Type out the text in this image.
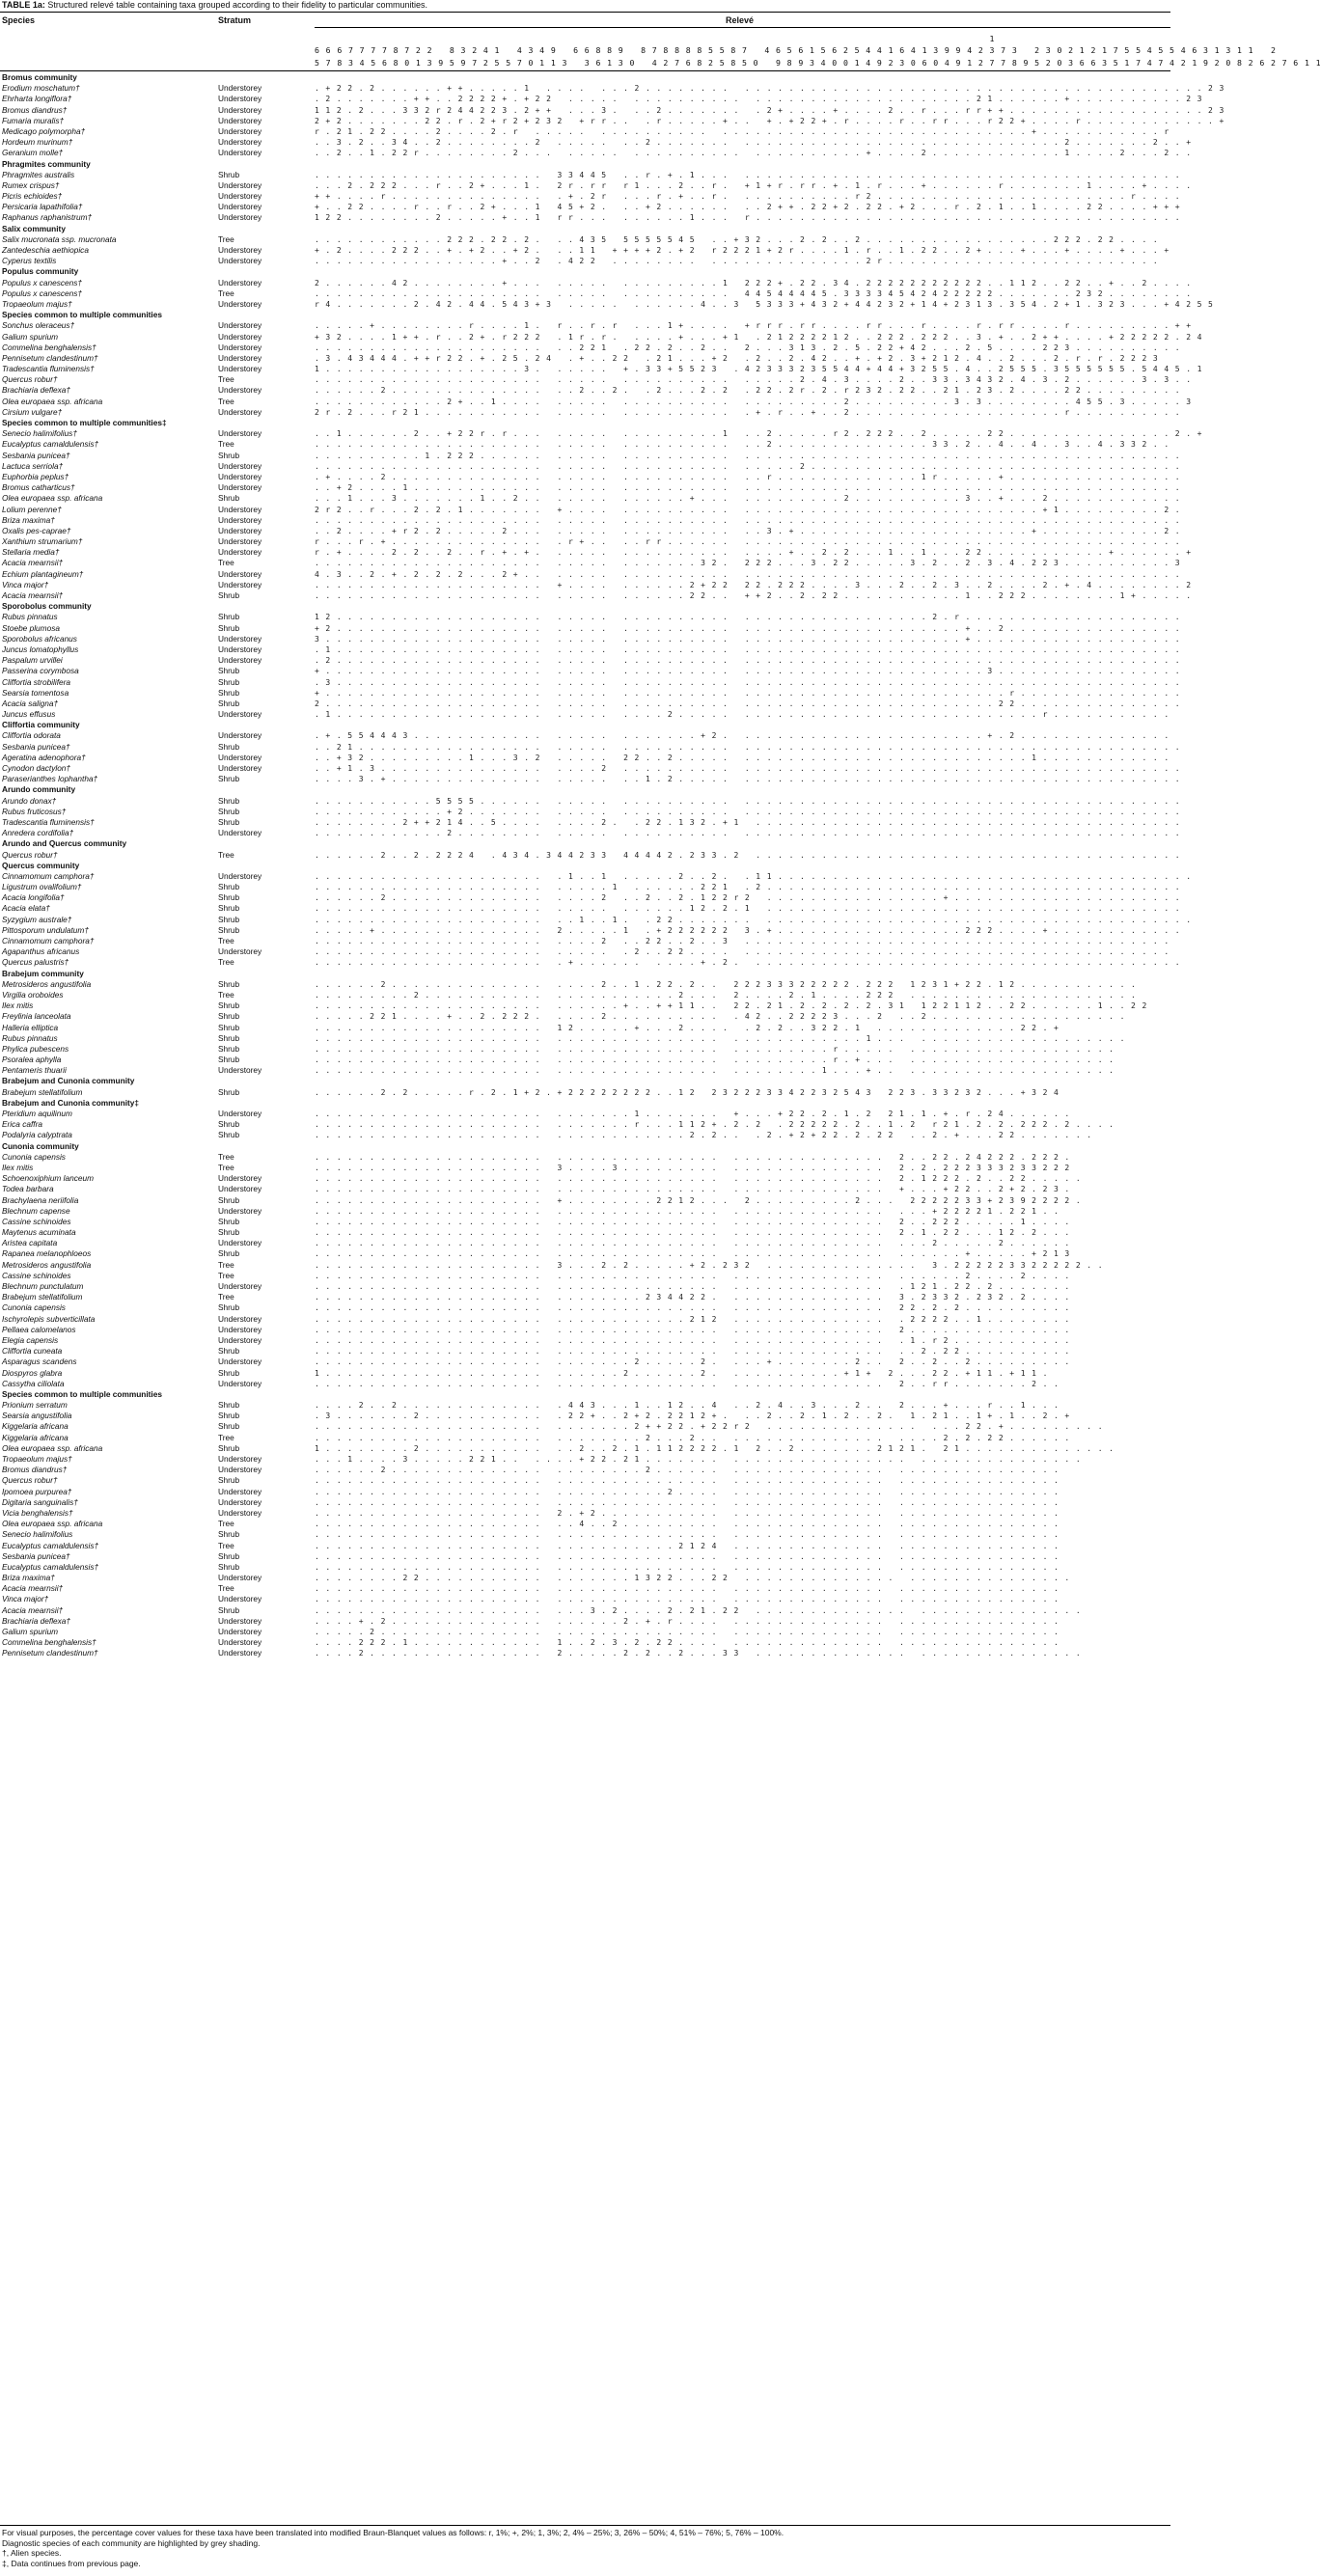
TABLE 1a: Structured relevé table containing taxa grouped according to their fidelity to particular communities.
Species	Stratum	Relevé
1
6 6 6 7 7 7 7 8 7 2 2   8 3 2 4 1   4 3 4 9   6 6 8 8 9   8 7 8 8 8 8 5 5 8 7   4 6 5 6 1 5 6 2 5 4 4 1 6 4 1 3 9 9 4 2 3 7 3   2 3 0 2 1 2 1 7 5 5 4 5 5 4 6 3 1 3 1 1   2
5 7 8 3 4 5 6 8 0 1 3 9 5 9 7 2 5 5 7 0 1 1 3   3 6 1 3 0   4 2 7 6 8 2 5 8 5 0   9 8 9 3 4 0 0 1 4 9 2 3 0 6 0 4 9 1 2 7 7 8 9 5 2 0 3 6 6 3 5 1 7 4 7 4 2 1 9 2 0 8 2 6 2 7 6 1 1
Bromus community
Erodium moschatum†	Understorey	. + 2 2 . 2 . . . . . . + + . . . . . 1   . . . .   . . . 2 . . . . . . . .   . . . . . . . . . . . . . . . . . . . . . . . . . . . . . . . . . . . . . . . . . . 2 3
Ehrharta longiflora†	Understorey	. 2 . . . . . . . + + . . 2 2 2 2 + . + 2 2   . . . . .   . . . . . . . . . .   . . . . . . . . . . . . . . . . . . . . 2 1 . . . . . . + . . . . . . . . . . 2 3
Bromus diandrus†	Understorey	1 1 2 . 2 . . . 3 3 2 r 2 4 4 2 2 3 . 2 + +   . . . 3 .   . . 2 . . . . . . .   . 2 + . . . . + . . . . 2 . . r . . . r r + + . . . . . . . . . . . . . . . . . . 2 3
Fumaria muralis†	Understorey	2 + 2 . . . . . . . 2 2 . r . 2 + r 2 + 2 3 2   + r r . .   . r . . . . . + . .   + . + 2 2 + . r . . . . r . . r r . . . r 2 2 + . . . . r . . . . . . . . . . . . +
Medicago polymorpha†	Understorey	r . 2 1 . 2 2 . . . . 2 . . . . 2 . r   . . . . .   . . . . . . . . . .   . . . . . . . . . . . . . . . . . . . . . . . . . . . . + . . . . . . . . . . . r
Hordeum murinum†	Understorey	. . 3 . 2 . . 3 4 . . 2 . . . . . . . . 2   . . . . .   . . 2 . . . . . . .   . . . . . . . . . . . . . . . . . . . . . . . . . . . . . 2 . . . . . . . 2 . . +
Geranium molle†	Understorey	. . 2 . . 1 . 2 2 r . . . . . . . . 2 . . .   . . . . .   . . . . . . . . . .   . . . . . . . . . . + . . . . 2 . . . . . . . . . . . . 1 . . . . 2 . . . 2 . .
Phragmites community
Phragmites australis	Shrub	. . . . . . . . . . . . . . . . . . . . .   3 3 4 4 5   . . r . + . 1 . . .   . . . . . . . . . . . . . . . . . . . . . . . . . . . . . . . . . . . . . . . .
Rumex crispus†	Understorey	. . . 2 . 2 2 2 . . . r . . 2 + . . . 1 .   2 r . r r   r 1 . . . 2 . . r .   + 1 + r . r r . + . 1 . r . . . + . . . . . . r . . . . . . . 1 . . . . + . . . .
Picris echioides†	Understorey	+ + . . . . r . . . . . . . . . . . . . .   . + . 2 r   . . . r . + . . r .   . . . . . . . . . . r 2 . . . . . . . . . . . . . . . . . . . . . . . r . . . .
Persicaria lapathifolia†	Understorey	+ . . 2 2 . . . . r . . r . . 2 + . . . 1   4 5 + 2 .   . . + 2 . . . . . .   . . 2 + + . 2 2 + 2 . 2 2 . + 2 . . . r . 2 . 1 . . 1 . . . . 2 2 . . . . + + +
Raphanus raphanistrum†	Understorey	1 2 2 . . . . . . . . 2 . . . . . + . . 1   r r . . .   . . . . . . 1 . . .   r . . . . . . . . . . . . . . . . . . . . . . . . . . . . . . . . . . . . . . .
Salix community
Salix mucronata ssp. mucronata	Tree	. . . . . . . . . . . . 2 2 2 . 2 2 . 2 .   . . 4 3 5   5 5 5 5 5 4 5   . . + 3 2 . . . 2 . 2 . . 2 . . . . . . . . . . . . . . . . . 2 2 2 . 2 2 . . . .
Zantedeschia aethiopica	Understorey	+ . 2 . . . . 2 2 2 . . + . + 2 . . + 2 .   . . 1 1   + + + + 2 . + 2   r 2 2 2 1 + 2 r . . . . 1 . r . . 1 . 2 2 . . 2 + . . . + . . . + . . . . + . . . +
Cyperus textilis	Understorey	. . . . . . . . . . . . . . . . . + . . 2   . 4 2 2   . . . . . . . .   . . . . . . . . . . . . . . 2 r . . . . . . . . . . . . . . . . . . . . . . . . .
Populus community
Populus x canescens†	Understorey	2 . . . . . . 4 2 . . . . . . . . + . . .   . . . . .   . . . . . . . . . 1   2 2 2 + . 2 2 . 3 4 . 2 2 2 2 2 2 2 2 2 2 2 . . 1 1 2 . . 2 2 . . + . . 2 . . . .
Populus x canescens†	Tree	. . . . . . . . . . . . . . . . . . . . .   . . . . .   . . . . . . . . . .   4 4 5 4 4 4 4 5 . 3 3 3 3 4 5 4 2 4 2 2 2 2 2 . . . . . . . 2 3 2 . . . . . . . .
Tropaeolum majus†	Understorey	r 4 . . . . . . . 2 . 4 2 . 4 4 . 5 4 3 + 3   . . . . .   . . . . . . 4 . . 3   5 3 3 3 + 4 3 2 + 4 4 2 3 2 + 1 4 + 2 3 1 3 . 3 5 4 . 2 + 1 . 3 2 3 . . . + 4 2 5 5
Species common to multiple communities
Sonchus oleraceus†	Understorey	. . . . . + . . . . . . . . r . . . . 1 .   r . . r . r   . . . 1 + . . . .   + r r r . r r . . . . r r . . . r . . . . r . r r . . . . r . . . . . . . . . + +
Galium spurium	Understorey	+ 3 2 . . . . 1 + + . r . . 2 + . r 2 2 2   . 1 r . r .   . . . . + . . . + 1   . 2 1 2 2 2 2 1 2 . . 2 2 2 . 2 2 2 . . 3 . + . . 2 + + . . . . + 2 2 2 2 2 . 2 4
Commelina benghalensis†	Understorey	. . . . . . . . . . . . . . . . . . . . .   . . 2 2 1   . 2 2 . 2 . . 2 . .   2 . . . 3 1 3 . 2 . 5 . 2 2 + 4 2 . . . 2 . 5 . . . . 2 2 3 . . . . . . . . . .
Pennisetum clandestinum†	Understorey	. 3 . 4 3 4 4 4 . + + r 2 2 . + . 2 5 . 2 4   . + . . 2 2   . 2 1 . . . + 2   . 2 . . 2 . 4 2 . . + . + 2 . 3 + 2 1 2 . 4 . . 2 . . . 2 . r . r . 2 2 2 3
Tradescantia fluminensis†	Understorey	1 . . . . . . . . . . . . . . . . . . 3 .   . . . . .   + . 3 3 + 5 5 2 3   . 4 2 3 3 3 2 3 5 5 4 4 + 4 4 + 3 2 5 5 . 4 . . 2 5 5 5 . 3 5 5 5 5 5 5 . 5 4 4 5 . 1
Quercus robur†	Tree	. . . . . . . . . . . . . . . . . . . . .   . . . . .   . . . . . . . . . .   . . . . . 2 . 4 . 3 . . . . 2 . . 3 3 . 3 4 3 2 . 4 . 3 . 2 . . . . . . 3 . 3 . .
Brachiaria deflexa†	Understorey	. . . . . . 2 . . . . . . . . . . . . . .   . . 2 . . 2 .   . 2 . . . 2 . 2   . 2 2 . 2 r . 2 . r 2 3 2 . 2 2 . . 2 1 . 2 3 . 2 . . . . 2 2 . . . . . . . . .
Olea europaea ssp. africana	Tree	. . . . . . . . . . . . 2 + . . 1 . . . .   . . . . .   . . . . . . . . . .   . . . . . . . . . 2 . . . . . . . . . 3 . 3 . . . . . . . . 4 5 5 . 3 . . . . . 3
Cirsium vulgare†	Understorey	2 r . 2 . . . r 2 1 . . . . . . . . . . .   . . . . .   . . . . . . . . . .   . + . r . . + . . 2 . . . . . . . . . . . . . . . . . . . r . . . . . . . . . .
Species common to multiple communities‡
Senecio halimifolius†	Understorey	. . 1 . . . . . . 2 . . + 2 2 r . r . . .   . . . . .   . . . . . . . . . 1   . . 2 . . . . . r 2 . 2 2 2 . . 2 . . . . . 2 2 . . . . . . . . . . . . . . . 2 . +
Eucalyptus camaldulensis†	Tree	. . . . . . . . . . . . . . . . . . . . .   . . . . .   . . . . . . . . . .   . . 2 . . . . . . . . . . . . . . 3 3 . 2 . . 4 . . 4 . . 3 . . 4 . 3 3 2 . .
Sesbania punicea†	Shrub	. . . . . . . . . . 1 . 2 2 2 . . . . . .   . . . . .   . . . . . . . . . .   . . . . . . . . . . . . . . . . . . . . . . . . . . . . . . . . . . . . . . . .
Lactuca serriola†	Understorey	. . . . . . . . . . . . . . . . . . . . .   . . . . .   . . . . . . . . . .   . . . . . 2 . . . . . . . . . . . . . . . . . . . . . . . . . . . . . . . . . .
Euphorbia peplus†	Understorey	. + . . . . 2 . . . . . . . . . . . . . .   . . . . .   . . . . . . . . . .   . . r . . . . . . . . . . . . . 1 r . . . . . + . . . . . . . . . . . . . . . .
Bromus catharticus†	Understorey	. . + 2 . . . . 1 . . . . . . . . . . . .   . . . . .   . . . . . . . . . .   . . . . . . . . . . . . . . . . . . . . . . . . . . . . . . . . . . . . . . . .
Olea europaea ssp. africana	Shrub	. . . 1 . . . 3 . . . . . . . 1 . . 2 . .   . . . . .   . . . . . . + . . .   . . . . . . . . . 2 . . . . . . . . . . 3 . . + . . . 2 . . . . . . . . . . . .
Lolium perenne†	Understorey	2 r 2 . . r . . . 2 . 2 . 1 . . . . . . .   + . . . .   . . . . . . . . . .   . . . . . . . . . . . . . . . . . . . . . . . . . . . + 1 . . . . . . . . . 2 .
Briza maxima†	Understorey	. . . . . . . . . . . . . . . . . . . . .   . . . . .   . . . . . . . . . .   . . . . . . . . . . . . . . . . . . . . . . . . . . . . . . . . . . . . . . . .
Oxalis pes-caprae†	Understorey	. . 2 . . . . + r 2 . 2 . . . . . 2 . . .   . . . . .   . . . . . . . . . .   . . 3 . + . . . . . . . . . . . . . . . . . . . . . + . . . . . . . . . . . 2 .
Xanthium strumarium†	Understorey	r . . . r . + . . . . . . . . . . . . . .   . r + . .   . . r r . . . . . .   . . . . . . . . . . . . . . . . . . . . . . . . . . . . . . . . . . . . . . . .
Stellaria media†	Understorey	r . + . . . . 2 . 2 . . 2 . . r . + . + .   . . . . .   . . . . . . . . . .   . . . . + . . 2 . 2 . . . 1 . . 1 . . . 2 2 . . . . . . . . . . . + . . . . . . +
Acacia mearnsii†	Tree	. . . . . . . . . . . . . . . . . . . . .   . . . . .   . . . . . . . 3 2 .   2 2 2 . . . 3 . 2 2 . . . . . 3 . 2 . . 2 . 3 . 4 . 2 2 3 . . . . . . . . . . 3
Echium plantagineum†	Understorey	4 . 3 . . 2 . + . 2 . 2 . 2 . . . 2 + . .   . . . . .   . . . . . . . . . .   . . . . . . . . . . . . . . . . . . . . . . . . . . . . . . . . . . . . . . . .
Vinca major†	Understorey	. . . . . . . . . . . . . . . . . . . . .   + . . . .   . . . . . . 2 + 2 2   2 2 . 2 2 2 . . . . 3 . . . 2 . . 2 . 3 . . 2 . . . . 2 . + . 4 . . . . . . . . 2
Acacia mearnsii†	Shrub	. . . . . . . . . . . . . . . . . . . . .   . . . . .   . . . . . . 2 2 . .   + + 2 . . 2 . 2 2 . . . . . . . . . . . 1 . . 2 2 2 . . . . . . . . 1 + . . . . .
Sporobolus community
Rubus pinnatus	Shrub	1 2 . . . . . . . . . . . . . . . . . . .   . . . . .   . . . . . . . . . .   . . . . . . . . . . . . . . . . . 2 . r . . . . . . . . . . . . . . . . . . . .
Stoebe plumosa	Shrub	+ 2 . . . . . . . . . . . . . . . . . . .   . . . . .   . . . . . . . . . .   . . . . . . . . . . . . . . . . . . . . + . . 2 . . . . . . . . . . . . . . . .
Sporobolus africanus	Understorey	3 . . . . . . . . . . . . . . . . . . . .   . . . . .   . . . . . . . . . .   . . . . . . . . . . . . . . . . . . . . + . . . . . . . . . . . . . . . . . . .
Juncus lomatophyllus	Understorey	. 1 . . . . . . . . . . . . . . . . . . .   . . . . .   . . . . . . . . . .   . . . . . . . . . . . . . . . . . . . . . . . . . . . . . . . . . . . . . . . .
Paspalum urvillei	Understorey	. 2 . . . . . . . . . . . . . . . . . . .   . . . . .   . . . . . . . . . .   . . . . . . . . . . . . . . . . . . . . . . . . . . . . . . . . . . . . . . . .
Passerina corymbosa	Shrub	+ . . . . . . . . . . . . . . . . . . . .   . . . . .   . . . . . . . . . .   . . . . . . . . . . . . . . . . . . . . . . 3 . . . . . . . . . . . . . . . . .
Cliffortia strobilifera	Shrub	. 3 . . . . . . . . . . . . . . . . . . .   . . . . .   . . . . . . . . . .   . . . . . . . . . . . . . . . . . . . . . . . . . . . . . . . . . . . . . . . .
Searsia tomentosa	Shrub	+ . . . . . . . . . . . . . . . . . . . .   . . . . .   . . . . . . . . . .   . . . . . . . . . . . . . . . . . . . . . . . . r . . . . . . . . . . . . . . .
Acacia saligna†	Shrub	2 . . . . . . . . . . . . . . . . . . . .   . . . . .   . . . . . . . . . .   . . . . . . . . . . . . . . . . . . . . . . . 2 2 . . . . . . . . . . . . . . .
Juncus effusus	Understorey	. 1 . . . . . . . . . . . . . . . . . . .   . . . . .   . . . . 2 . . . . .   . . . . . . . . . . . . . . . . . . . . . . . . . . . r . . . . . . . . . . .
Cliffortia community
Cliffortia odorata	Understorey	. + . 5 5 4 4 4 3 . . . . . . . . . . . .   . . . . .   . . . . . . . + 2 .   . . . . . . . . . . . . . . . . . . . . . . + . 2 . . . . . . . . . . . . . .
Sesbania punicea†	Shrub	. . 2 1 . . . . . . . . . . . . . . . . .   . . . . .   . . . . . . . . . .   . . . . . . . . . . . . . . . . . . . . . . . . . . . . . . . . . . . . . . . .
Ageratina adenophora†	Understorey	. . + 3 2 . . . . . . . . . 1 . . . 3 . 2   . . . . .   2 2 . . 2 . . . . .   . . . . . . . . . . . . . . . . . . . . . . . . . . 1 . . . . . . . . . . . .
Cynodon dactylon†	Understorey	. . + 1 . 3 . . . . . . . . . . . . . . .   . . . . 2   . . . . . . . . . .   . . . . . . . . . . . . . . . . . . . . . . . . . . . . . . . . . . . . . . . .
Paraserianthes lophantha†	Shrub	. . . . 3 . + . . . . . . . . . . . . . .   . . . . .   . . 1 . 2 . . . . .   . . . . . . . . . . . . . . . . . . . . . . . . . . . . . . . . . . . . . . . .
Arundo community
Arundo donax†	Shrub	. . . . . . . . . . . 5 5 5 5 . . . . . .   . . . . .   . . . . . . . . . .   . . . . . . . . . . . . . . . . . . . . . . . . . . . . . . . . . . . . . . . .
Rubus fruticosus†	Shrub	. . . . . . . . . . . . + 2 . . . . . . .   . . . . .   . . . . . . . . . .   . . . . . . . . . . . . . . . . . . . . . . . . . . . . . . . . . . . . . . . .
Tradescantia fluminensis†	Shrub	. . . . . . . . 2 + + 2 1 4 . . 5 . . . .   . . . . 2 .   . 2 2 . 1 3 2 . + 1   . . . . . . . . . . . . . . . . . . . . . . . . . . . . . . . . . . . . . . .
Anredera cordifolia†	Understorey	. . . . . . . . . . . . 2 . . . . . . . .   . . . . .   . . . . . . . . . .   . . . . . . . . . . . . . . . . . . . . . . . . . . . . . . . . . . . . . . . .
Arundo and Quercus community
Quercus robur†	Tree	. . . . . . 2 . . 2 . 2 2 2 4   . 4 3 4 . 3 4 4 2 3 3   4 4 4 4 2 . 2 3 3 . 2   . . . . . . . . . . . . . . . . . . . . . . . . . . . . . . . . . . . . . . .
Quercus community
Cinnamomum camphora†	Understorey	. . . . . . . . . . . . . . . . . . . . .   . 1 . . 1   . . . . . 2 . . 2 .   . 1 1 . . . . . . . . . . . . . . . . . . . . . . . . . . . . . . . . . . . . . .
Ligustrum ovalifolium†	Shrub	. . . . . . . . . . . . . . . . . . . . .   . . . . . 1   . . . . . . 2 2 1   . 2 . . . . . . . . . . . . . . . . . . . . . . . . . . . . . . . . . . . . . .
Acacia longifolia†	Shrub	. . . . . . 2 . . . . . . . . . . . . . .   . . . . 2   . . 2 . . 2 . 1 2 2 r 2   . . . . . . . . . . . . . . . . + . . . . . . . . . . . . . . . . . . . . .
Acacia elata†	Shrub	. . . . . . . . . . . . . . . . . . . . .   . . . . .   . . . . . . 1 2 . 2 . 1   . . . . . . . . . . . . . . . . . . . . . . . . . . . . . . . . . . . . . .
Syzygium australe†	Shrub	. . . . . . . . . . . . . . . . . . . . .   . . 1 . . 1 .   . 2 2 . . . . . . .   . . . . . . . . . . . . . . . . . . . . . . . . . . . . . . . . . . . . . . .
Pittosporum undulatum†	Shrub	. . . . . + . . . . . . . . . . . . . . .   2 . . . . . 1   . + 2 2 2 2 2 2   3 . + . . . . . . . . . . . . . . . . . 2 2 2 . . . . + . . . . . . . . . . . .
Cinnamomum camphora†	Tree	. . . . . . . . . . . . . . . . . . . . .   . . . . 2   . . 2 2 . . 2 . . 3   . . . . . . . . . . . . . . . . . . . . . . . . . . . . . . . . . . . . . . .
Agapanthus africanus	Understorey	. . . . . . . . . . . . . . . . . . . . .   . . . . .   . 2 . . 2 2 . . . .   . . . . . . . . . . . . . . . . . . . . . . . . . . . . . . . . . . . . . . .
Quercus palustris†	Tree	. . . . . . . . . . . . . . . . . . . . .   . + . . . . . .   . . . . + . 2 .   . . . . . . . . . . . . . . . . . . . . . . . . . . . . . . . . . . . . . . .
Brabejum community
Metrosideros angustifolia	Shrub	. . . . . . 2 . . . . . . . . . . . . . .   . . . . 2 . . 1 . 2 2 . 2 . .   2 2 2 3 3 3 2 2 2 2 2 . 2 2 2   1 2 3 1 + 2 2 . 1 2 . . . . . . . . . . .
Virgilia oroboides	Tree	. . . . . . . . . 2 . . . . . . . . . . .   . . . . . . . . . . . 2 . . .   2 . . . . 2 . 1 . . . . 2 2 2   . . . . . . . . . . . . . . . . . . . . .
Ilex mitis	Shrub	. . . . . . . . . . . . . . . . . . . . .   . . . . . . + . . + + 1 1 . .   2 2 . 2 1 . 2 . 2 . 2 . 2 . 3 1   1 2 2 1 1 2 . . 2 2 . . . . . . 1 . . 2 2
Freylinia lanceolata	Shrub	. . . . . 2 2 1 . . . . + . . 2 . 2 2 2 .   . . . . 2 . . . . . . . . . .   . 4 2 . . 2 2 2 2 3 . . . 2   . . 2 . . . . . . . . . . . . . . . . . .
Halleria elliptica	Shrub	. . . . . . . . . . . . . . . . . . . . .   1 2 . . . . . + . . . 2 . . . .   . 2 . 2 . . 3 2 2 . 1   . . . . . . . . . . . . . 2 2 . +
Rubus pinnatus	Shrub	. . . . . . . . . . . . . . . . . . . . .   . . . . . . . . . . . . . . .   . . . . . . . . . . . . 1 . . .   . . . . . . . . . . . . . . . . . . .
Phylica pubescens	Shrub	. . . . . . . . . . . . . . . . . . . . .   . . . . . . . . . . . . . . .   . . . . . . . . . r . . . . .   . . . . . . . . . . . . . . . . . . .
Psoralea aphylla	Shrub	. . . . . . . . . . . . . . . . . . . . .   . . . . . . . . . . . . . . .   . . . . . . . . . r . + . . .   . . . . . . . . . . . . . . . . . . .
Pentameris thuarii	Understorey	. . . . . . . . . . . . . . . . . . . . .   . . . . . . . . . . . . . . .   . . . . . . . . 1 . . . + . .   . . . . . . . . . . . . . . . . . . .
Brabejum and Cunonia community
Brabejum stellatifolium	Shrub	. . . . . . 2 . 2 . . . . . r . 2 . 1 + 2 . + 2 2 2 2 2 2 2 2 . . 1 2   2 3 2 2 2 3 3 4 2 2 3 2 5 4 3   2 2 3 . 3 3 2 3 2 . . . + 3 2 4
Brabejum and Cunonia community‡
Pteridium aquilinum	Understorey	. . . . . . . . . . . . . . . . . . . . .   . . . . . . . 1 . . . . . . .   + . . . + 2 2 . 2 . 1 . 2   2 1 . 1 . + . r . 2 4 . . . . . .
Erica caffra	Shrub	. . . . . . . . . . . . . . . . . . . . .   . . . . . . . r . . . 1 1 2 + . 2 . 2   . 2 2 2 2 2 . 2 . . 1 . 2   r 2 1 . 2 . 2 . 2 2 2 . 2 . . . .
Podalyria calyptrata	Shrub	. . . . . . . . . . . . . . . . . . . . .   . . . . . . . . . . . . 2 . 2 . .   . 2 . + 2 + 2 2 . 2 . 2 2   . . 2 . + . . . 2 2 . . . . . . .
Cunonia community
Cunonia capensis	Tree	. . . . . . . . . . . . . . . . . . . . .   . . . . . . . . . . . . . . .   . . . . . . . . . . . . . .   2 . . 2 2 . 2 4 2 2 2 . 2 2 2 .
Ilex mitis	Tree	. . . . . . . . . . . . . . . . . . . . .   3 . . . . 3 . . . . . . . . .   . . . . . . . . . . . . . .   2 . 2 . 2 2 2 3 3 3 2 3 3 2 2 2
Schoenoxiphium lanceum	Understorey	. . . . . . . . . . . . . . . . . . . . .   . . . . . . . . . . . . . . .   . . . . . . . . . . . . . .   2 . 1 2 2 2 . 2 . . 2 2 . . . . .
Todea barbara	Understorey	. . . . . . . . . . . . . . . . . . . . .   . . . . . . . . . . . . . . .   . . . . . . . . . . . . . .   + . . . + 2 2 . . 2 + 2 . 2 3 .
Brachylaena neriifolia	Shrub	. . . . . . . . . . . . . . . . . . . . .   + . . . . . . . . 2 2 1 2 . . .   2 . . . . . . . . . 2 . . .   2 2 2 2 2 3 3 + 2 3 9 2 2 2 2 .
Blechnum capense	Understorey	. . . . . . . . . . . . . . . . . . . . .   . . . . . . . . . . . . . . .   . . . . . . . . . . . . . .   . . . + 2 2 2 2 1 . 2 2 1 . .
Cassine schinoides	Shrub	. . . . . . . . . . . . . . . . . . . . .   . . . . . . . . . . . . . . .   . . . . . . . . . . . . . .   2 . . 2 2 2 . . . . . 1 . . . .
Maytenus acuminata	Shrub	. . . . . . . . . . . . . . . . . . . . .   . . . . . . . . . . . . . . .   . . . . . . . . . . . . . .   2 . 1 . 2 2 . . . 1 2 . 2 . . .
Aristea capitata	Understorey	. . . . . . . . . . . . . . . . . . . . .   . . . . . . . . . . . . . . .   . . . . . . . . . . . . . .   . . . 2 . . . . . 2 . . . . . .
Rapanea melanophloeos	Shrub	. . . . . . . . . . . . . . . . . . . . .   . . . . . . . . . . . . . . .   . . . . . . . . . . . . . .   . . . . . . + . . . . . + 2 1 3
Metrosideros angustifolia	Tree	. . . . . . . . . . . . . . . . . . . . .   3 . . . 2 . 2 . . . . . + 2 . 2 3 2   . . . . . . . . . . . . . .   3 . 2 2 2 2 2 3 3 2 2 2 2 2 . .
Cassine schinoides	Tree	. . . . . . . . . . . . . . . . . . . . .   . . . . . . . . . . . . . . .   . . . . . . . . . . . . . .   . . . . . . 2 . . . . 2 . . . .
Blechnum punctulatum	Understorey	. . . . . . . . . . . . . . . . . . . . .   . . . . . . . . . . . . . . .   . . . . . . . . . . . . . .   . 1 2 1 . 2 2 . 2 . . . . . . .
Brabejum stellatifolium	Tree	. . . . . . . . . . . . . . . . . . . . .   . . . . . . . . 2 3 4 4 2 2 .   . . . . . . . . . . . . . .   3 . 2 3 3 2 . 2 3 2 . 2 . . . .
Cunonia capensis	Shrub	. . . . . . . . . . . . . . . . . . . . .   . . . . . . . . . . . . . . .   . . . . . . . . . . . . . .   2 2 . 2 . 2 . . . . . . . . . .
Ischyrolepis subverticillata	Understorey	. . . . . . . . . . . . . . . . . . . . .   . . . . . . . . . . . . 2 1 2   . . . . . . . . . . . . . .   . 2 2 2 2 . . 1 . . . . . . . .
Pellaea calomelanos	Understorey	. . . . . . . . . . . . . . . . . . . . .   . . . . . . . . . . . . . . .   . . . . . . . . . . . . . .   2 . . . . . . . . . . . . . . .
Elegia capensis	Understorey	. . . . . . . . . . . . . . . . . . . . .   . . . . . . . . . . . . . . .   . . . . . . . . . . . . . .   . 1 . r 2 . . . . . . . . . . .
Cliffortia cuneata	Shrub	. . . . . . . . . . . . . . . . . . . . .   . . . . . . . . . . . . . . .   . . . . . . . . . . . . . .   . . 2 . 2 2 . . . . . . . . . .
Asparagus scandens	Understorey	. . . . . . . . . . . . . . . . . . . . .   . . . . . . . 2 . . . . . 2 .   . . . + . . . . . . . 2 . .   2 . . 2 . . 2 . . . . . . . . .
Diospyros glabra	Shrub	1 . . . . . . . . . . . . . . . . . . . .   . . . . . . 2 . . . . . . 2 .   . . . . . . . . . . + 1 +   2 . . . 2 2 . + 1 1 . + 1 1 .
Cassytha ciliolata	Understorey	. . . . . . . . . . . . . . . . . . . . .   . . . . . . . . . . . . . . .   . . . . . . . . . . . . . .   2 . . r r . . . . . . . 2 . .
Species common to multiple communities
Prionium serratum	Shrub	. . . . 2 . . 2 . . . . . . . . . . . . .   . 4 4 3 . . . 1 . . 1 2 . . 4   . . 2 . 4 . . 3 . . . 2 . .   2 . . . + . . . r . . 1 . . .
Searsia angustifolia	Shrub	. 3 . . . . . . . 2 . . . . . . . . . . .   . 2 2 + . . 2 + 2 . 2 2 1 2 + .   . . 2 . . 2 . 1 . 2 . . 2 .   1 . 2 1 . . 1 + . 1 . . 2 . +
Kiggelaria africana	Shrub	. . . . . . . . . . . . . . . . . . . . .   . . . . . . . 2 + + 2 2 . + 2 2 r 2   . . . . . . . . . . . . . .   . . . 2 2 . + . . . . . . . . .
Kiggelaria africana	Tree	. . . . . . . . . . . . . . . . . . . . .   . . . . . . . . 2 . . . 2 . .   . . . . . . . . . . . . . .   . . . . 2 . 2 . 2 2 . . . . . .
Olea europaea ssp. africana	Shrub	1 . . . . . . . . 2 . . . . . . . . . . .   . . 2 . . 2 . 1 . 1 1 2 2 2 2 . 1   2 . . 2 . . . . . . . 2 1 2 1 .   2 1 . . . . . . . . . . . . . .
Tropaeolum majus†	Understorey	. . . 1 . . . . 3 . . . . . 2 2 1 . .   . . . . + 2 2 . 2 1 . . . . . . .   . . . . . . . . . . . . . . . .   . . . . . . . . . . . . . . .
Bromus diandrus†	Understorey	. . . . . . 2 . . . . . . . . . . . . . .   . . . . . . . . 2 . . . . . .   . . . . . . . . . . . . . .   . . . . . . . . . . . . . . .
Quercus robur†	Shrub	. . . . . . . . . . . . . . . . . . . . .   . . . . . . . . . . . . . . .   . . . . . . . . . . . . . .   . . . . . . . . . . . . . . .
Ipomoea purpurea†	Understorey	. . . . . . . . . . . . . . . . . . . . .   . . . . . . . . . . 2 . . . .   . . . . . . . . . . . . . .   . . . . . . . . . . . . . . .
Digitaria sanguinalis†	Understorey	. . . . . . . . . . . . . . . . . . . . .   . . . . . . . . . . . . . . .   . . . . . . . . . . . . . .   . . . . . . . . . . . . . . .
Vicia benghalensis†	Understorey	. . . . . . . . . . . . . . . . . . . . .   2 . + 2 . . . . . . . . . . .   . . . . . . . . . . . . . .   . . . . . . . . . . . . . . .
Olea europaea ssp. africana	Tree	. . . . . . . . . . . . . . . . . . . . .   . . 4 . . 2 . . . . . . . . .   . . . . . . . . . . . . . .   . . . . . . . . . . . . . . .
Senecio halimifolius	Shrub	. . . . . . . . . . . . . . . . . . . . .   . . . . . . . . . . . . . . .   . . . . . . . . . . . . . .   . . . . . . . . . . . . . . .
Eucalyptus camaldulensis†	Tree	. . . . . . . . . . . . . . . . . . . . .   . . . . . . . . . . . 2 1 2 4   . . . . . . . . . . . . . .   . . . . . . . . . . . . . . .
Sesbania punicea†	Shrub	. . . . . . . . . . . . . . . . . . . . .   . . . . . . . . . . . . . . .   . . . . . . . . . . . . . .   . . . . . . . . . . . . . . .
Eucalyptus camaldulensis†	Shrub	. . . . . . . . . . . . . . . . . . . . .   . . . . . . . . . . . . . . .   . . . . . . . . . . . . . .   . . . . . . . . . . . . . . .
Briza maxima†	Understorey	. . . . . . . . 2 2 . . . . . . . . . . .   . . . . . . . 1 3 2 2 . . . 2 2   . . . . . . . . . . . . . .   . . . . . . . . . . . . . . .
Acacia mearnsii†	Tree	. . . . . . . . . . . . . . . . . . . . .   . . . . . . . . . . . . . . .   . . . . . . . . . . . . . .   . . . . . . . . . . . . . . .
Vinca major†	Understorey	. . . . . . . . . . . . . . . . . . . . .   . . . . . . . . . . . . . . .   . . . . . . . . . . . . . .   . . . . . . . . . . . . . . .
Acacia mearnsii†	Shrub	. . . . . . . . . . . . . . . . . . . . .   . . . 3 . 2 . . . . 2 . 2 1 . 2 2   . . . . . . . . . . . . . .   . . . . . . . . . . . . . . .
Brachiaria deflexa†	Understorey	. . . . + . 2 . . . . . . . . . . . . . .   . . . . . . 2 . + . r . . . .   . . . . . . . . . . . . . .   . . . . . . . . . . . . . . .
Galium spurium	Understorey	. . . . . 2 . . . . . . . . . . . . . . .   . . . . . . . . . . . . . . .   . . . . . . . . . . . . . .   . . . . . . . . . . . . . . .
Commelina benghalensis†	Understorey	. . . . 2 2 2 . 1 . . . . . . . . . . . .   1 . . 2 . 3 . 2 . 2 2 . . . .   . . . . . . . . . . . . . .   . . . . . . . . . . . . . . .
Pennisetum clandestinum†	Understorey	. . . . 2 . . . . . . . . . . . . . . . .   2 . . . . . 2 . 2 . . 2 . . . 3 3   . . . . . . . . . . . . . .   . . . . . . . . . . . . . . .
For visual purposes, the percentage cover values for these taxa have been translated into modified Braun-Blanquet values as follows: r, 1%; +, 2%; 1, 3%; 2, 4% – 25%; 3, 26% – 50%; 4, 51% – 76%; 5, 76% – 100%.
Diagnostic species of each community are highlighted by grey shading.
†, Alien species.
‡, Data continues from previous page.
